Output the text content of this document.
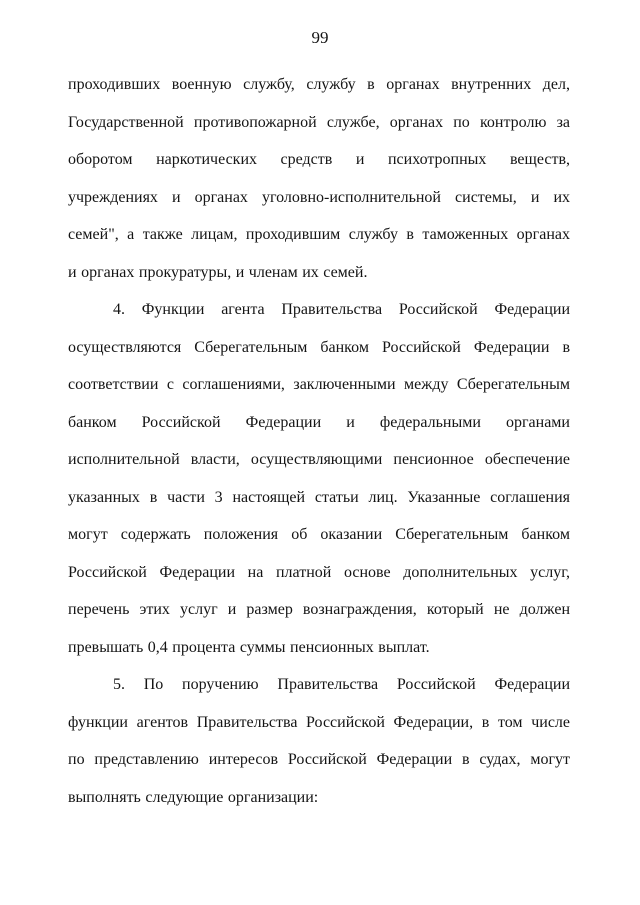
99
проходивших военную службу, службу в органах внутренних дел,
Государственной противопожарной службе, органах по контролю за
оборотом наркотических средств и психотропных веществ,
учреждениях и органах уголовно-исполнительной системы, и их
семей", а также лицам, проходившим службу в таможенных органах
и органах прокуратуры, и членам их семей.
4. Функции агента Правительства Российской Федерации
осуществляются Сберегательным банком Российской Федерации в
соответствии с соглашениями, заключенными между Сберегательным
банком Российской Федерации и федеральными органами
исполнительной власти, осуществляющими пенсионное обеспечение
указанных в части 3 настоящей статьи лиц. Указанные соглашения
могут содержать положения об оказании Сберегательным банком
Российской Федерации на платной основе дополнительных услуг,
перечень этих услуг и размер вознаграждения, который не должен
превышать 0,4 процента суммы пенсионных выплат.
5. По поручению Правительства Российской Федерации
функции агентов Правительства Российской Федерации, в том числе
по представлению интересов Российской Федерации в судах, могут
выполнять следующие организации:
